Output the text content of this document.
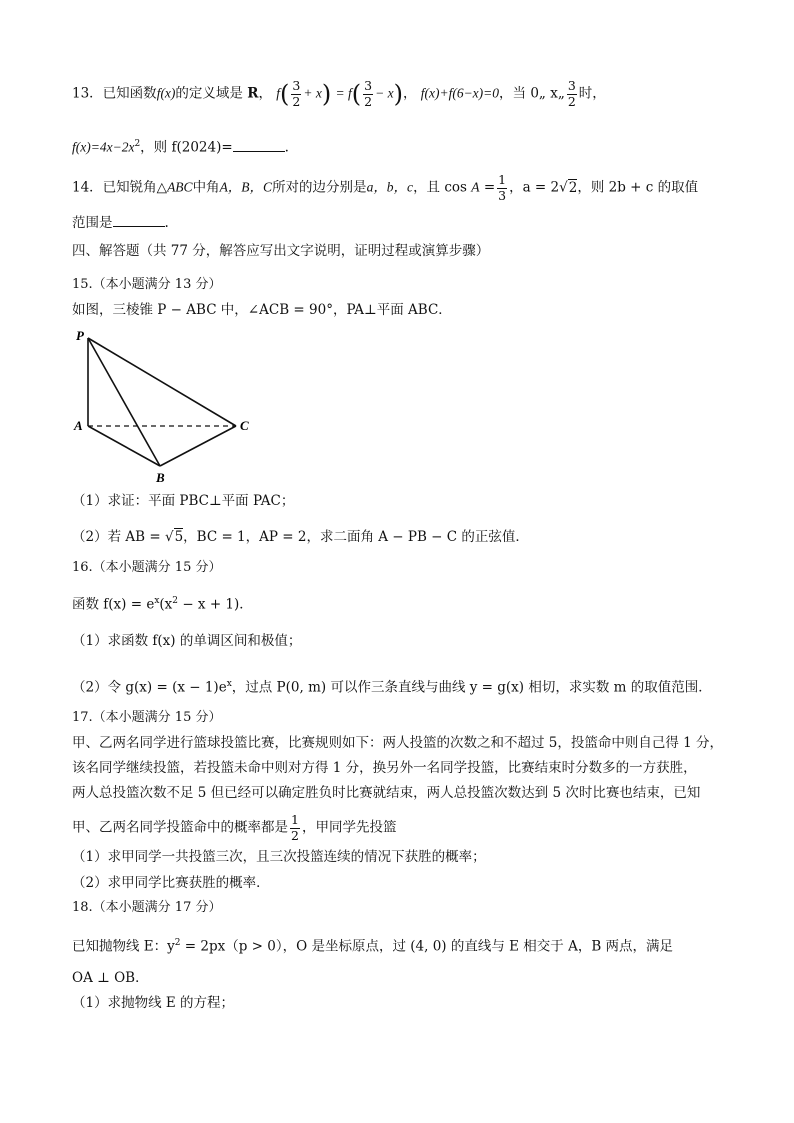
13．已知函数f(x)的定义域是 R， $f( \frac{3}{2} + x) = f( \frac{3}{2} - x)$， f(x)+f(6−x)=0，当 0„ x„ $\frac{3}{2}$ 时，
$f(x)=4x-2x^2$，则 f(2024)=	.
14．已知锐角△ABC中角A，B，C所对的边分别是a，b，c，且 $\cos A = \frac{1}{3}$ ，a = 2√2，则 2b + c 的取值
范围是	.
四、解答题（共 77 分，解答应写出文字说明，证明过程或演算步骤）
15.（本小题满分 13 分）
如图，三棱锥 P − ABC 中，∠ACB = 90°，PA⊥平面 ABC．
P
A
B
C
（1）求证：平面 PBC⊥平面 PAC；
（2）若 AB = √5，BC = 1，AP = 2，求二面角 A − PB − C 的正弦值．
16.（本小题满分 15 分）
函数 $f(x) = e^x(x^2 - x + 1)$．
（1）求函数 f(x) 的单调区间和极值；
（2）令 $g(x) = (x - 1)e^x$，过点 P(0, m) 可以作三条直线与曲线 y = g(x) 相切，求实数 m 的取值范围．
17.（本小题满分 15 分）
甲、乙两名同学进行篮球投篮比赛，比赛规则如下：两人投篮的次数之和不超过 5，投篮命中则自己得 1 分，
该名同学继续投篮，若投篮未命中则对方得 1 分，换另外一名同学投篮，比赛结束时分数多的一方获胜，
两人总投篮次数不足 5 但已经可以确定胜负时比赛就结束，两人总投篮次数达到 5 次时比赛也结束，已知
甲、乙两名同学投篮命中的概率都是 $\frac{1}{2}$ ，甲同学先投篮
（1）求甲同学一共投篮三次，且三次投篮连续的情况下获胜的概率；
（2）求甲同学比赛获胜的概率．
18.（本小题满分 17 分）
已知抛物线 E：$y^2 = 2px(p > 0)$，O 是坐标原点，过 (4, 0) 的直线与 E 相交于 A，B 两点，满足
OA ⊥ OB．
（1）求抛物线 E 的方程；
